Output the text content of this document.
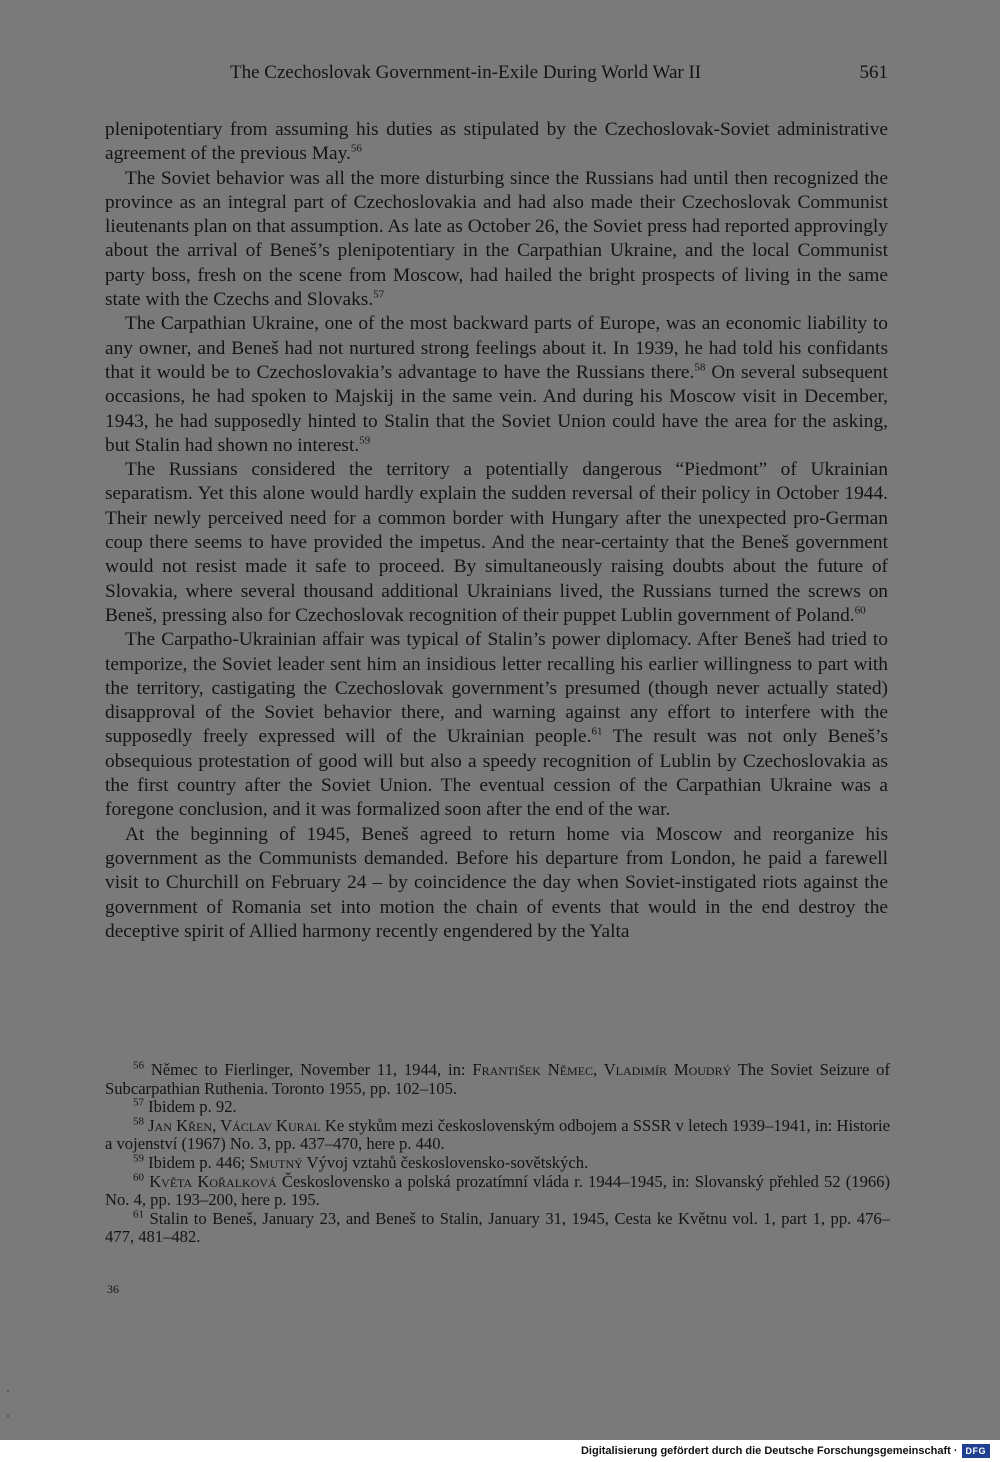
The Czechoslovak Government-in-Exile During World War II	561

plenipotentiary from assuming his duties as stipulated by the Czechoslovak-Soviet administrative agreement of the previous May.$^{56}$

The Soviet behavior was all the more disturbing since the Russians had until then recognized the province as an integral part of Czechoslovakia and had also made their Czechoslovak Communist lieutenants plan on that assumption. As late as October 26, the Soviet press had reported approvingly about the arrival of Beneš’s plenipotentiary in the Carpathian Ukraine, and the local Communist party boss, fresh on the scene from Moscow, had hailed the bright prospects of living in the same state with the Czechs and Slovaks.$^{57}$

The Carpathian Ukraine, one of the most backward parts of Europe, was an economic liability to any owner, and Beneš had not nurtured strong feelings about it. In 1939, he had told his confidants that it would be to Czechoslovakia’s advantage to have the Russians there.$^{58}$ On several subsequent occasions, he had spoken to Majskij in the same vein. And during his Moscow visit in December, 1943, he had supposedly hinted to Stalin that the Soviet Union could have the area for the asking, but Stalin had shown no interest.$^{59}$

The Russians considered the territory a potentially dangerous “Piedmont” of Ukrainian separatism. Yet this alone would hardly explain the sudden reversal of their policy in October 1944. Their newly perceived need for a common border with Hungary after the unexpected pro-German coup there seems to have provided the impetus. And the near-certainty that the Beneš government would not resist made it safe to proceed. By simultaneously raising doubts about the future of Slovakia, where several thousand additional Ukrainians lived, the Russians turned the screws on Beneš, pressing also for Czechoslovak recognition of their puppet Lublin government of Poland.$^{60}$

The Carpatho-Ukrainian affair was typical of Stalin’s power diplomacy. After Beneš had tried to temporize, the Soviet leader sent him an insidious letter recalling his earlier willingness to part with the territory, castigating the Czechoslovak government’s presumed (though never actually stated) disapproval of the Soviet behavior there, and warning against any effort to interfere with the supposedly freely expressed will of the Ukrainian people.$^{61}$ The result was not only Beneš’s obsequious protestation of good will but also a speedy recognition of Lublin by Czechoslovakia as the first country after the Soviet Union. The eventual cession of the Carpathian Ukraine was a foregone conclusion, and it was formalized soon after the end of the war.

At the beginning of 1945, Beneš agreed to return home via Moscow and reorganize his government as the Communists demanded. Before his departure from London, he paid a farewell visit to Churchill on February 24 – by coincidence the day when Soviet-instigated riots against the government of Romania set into motion the chain of events that would in the end destroy the deceptive spirit of Allied harmony recently engendered by the Yalta

$^{56}$ Němec to Fierlinger, November 11, 1944, in: František Němec, Vladimír Moudrý The Soviet Seizure of Subcarpathian Ruthenia. Toronto 1955, pp. 102–105.

$^{57}$ Ibidem p. 92.

$^{58}$ Jan Křen, Václav Kural Ke stykům mezi československým odbojem a SSSR v letech 1939–1941, in: Historie a vojenství (1967) No. 3, pp. 437–470, here p. 440.

$^{59}$ Ibidem p. 446; Smutný Vývoj vztahů československo-sovětských.

$^{60}$ Květa Kořalková Československo a polská prozatímní vláda r. 1944–1945, in: Slovanský přehled 52 (1966) No. 4, pp. 193–200, here p. 195.

$^{61}$ Stalin to Beneš, January 23, and Beneš to Stalin, January 31, 1945, Cesta ke Květnu vol. 1, part 1, pp. 476–477, 481–482.

36
Digitalisierung gefördert durch die Deutsche Forschungsgemeinschaft · DFG
